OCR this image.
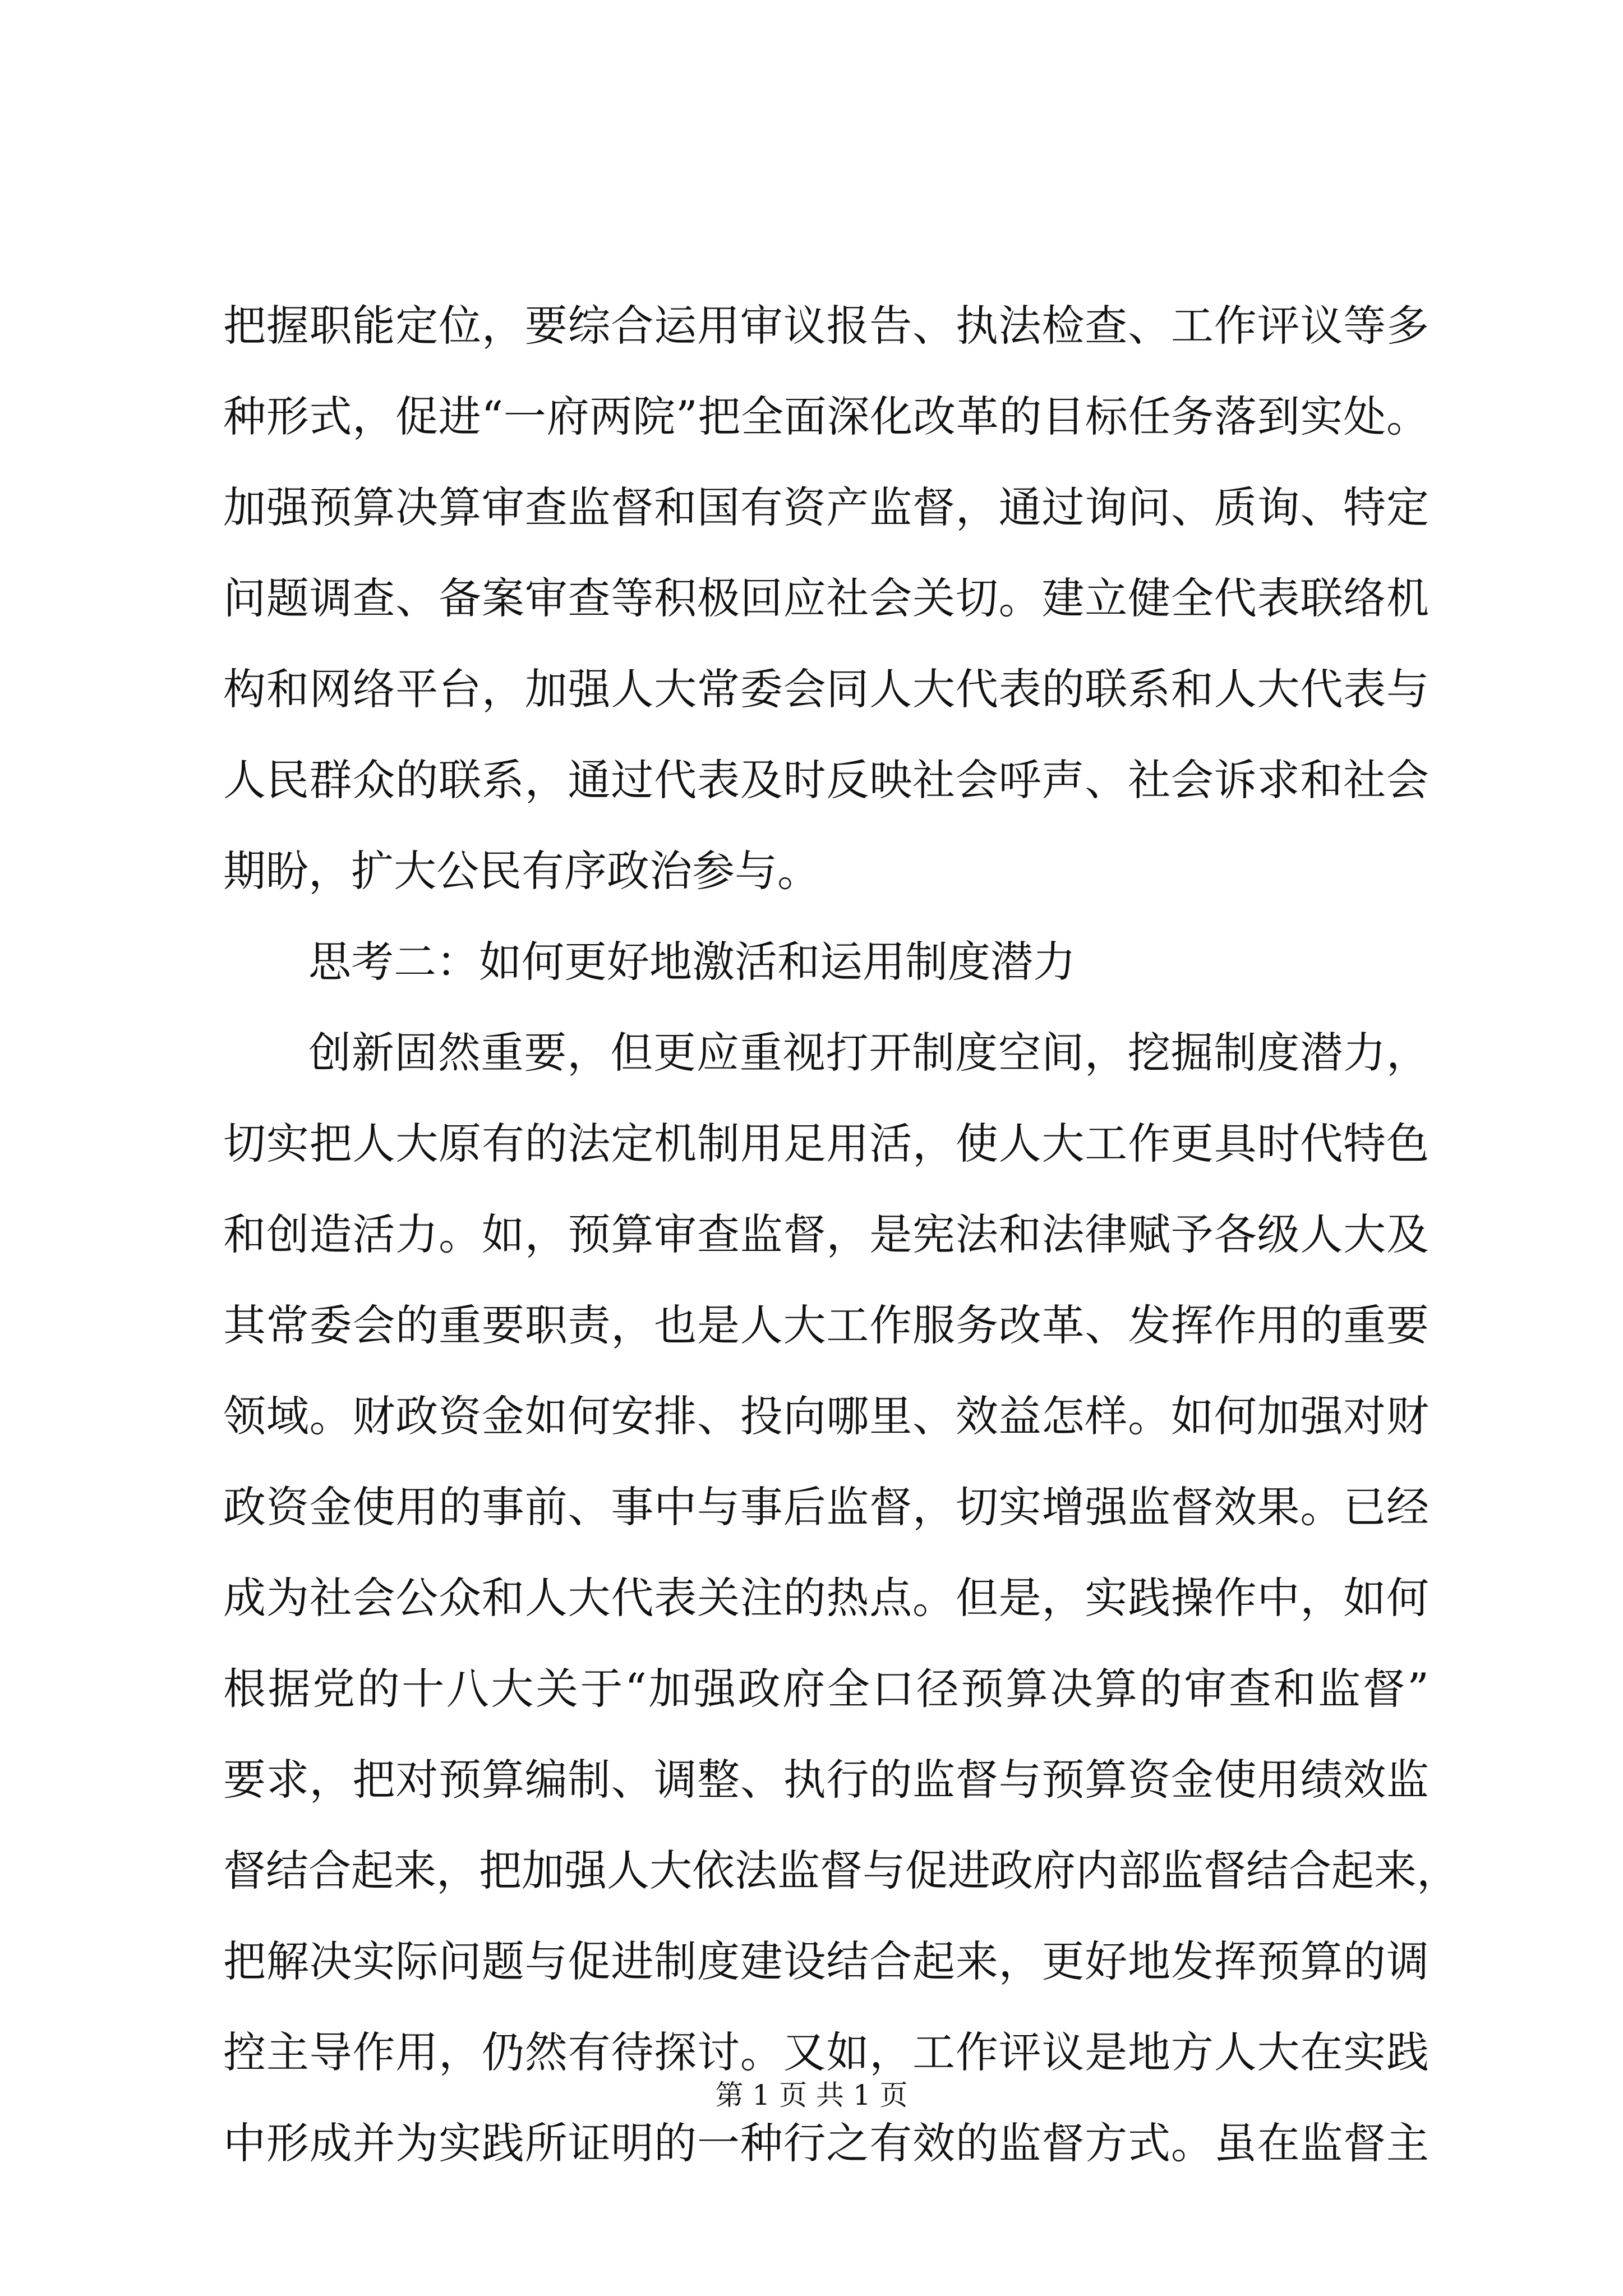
把握职能定位，要综合运用审议报告、执法检查、工作评议等多
种形式，促进“一府两院”把全面深化改革的目标任务落到实处。
加强预算决算审查监督和国有资产监督，通过询问、质询、特定
问题调查、备案审查等积极回应社会关切。建立健全代表联络机
构和网络平台，加强人大常委会同人大代表的联系和人大代表与
人民群众的联系，通过代表及时反映社会呼声、社会诉求和社会
期盼，扩大公民有序政治参与。
思考二：如何更好地激活和运用制度潜力
创新固然重要，但更应重视打开制度空间，挖掘制度潜力，
切实把人大原有的法定机制用足用活，使人大工作更具时代特色
和创造活力。如，预算审查监督，是宪法和法律赋予各级人大及
其常委会的重要职责，也是人大工作服务改革、发挥作用的重要
领域。财政资金如何安排、投向哪里、效益怎样。如何加强对财
政资金使用的事前、事中与事后监督，切实增强监督效果。已经
成为社会公众和人大代表关注的热点。但是，实践操作中，如何
根据党的十八大关于“加强政府全口径预算决算的审查和监督”
要求，把对预算编制、调整、执行的监督与预算资金使用绩效监
督结合起来，把加强人大依法监督与促进政府内部监督结合起来，
把解决实际问题与促进制度建设结合起来，更好地发挥预算的调
控主导作用，仍然有待探讨。又如，工作评议是地方人大在实践
中形成并为实践所证明的一种行之有效的监督方式。虽在监督主
第 1 页 共 1 页
